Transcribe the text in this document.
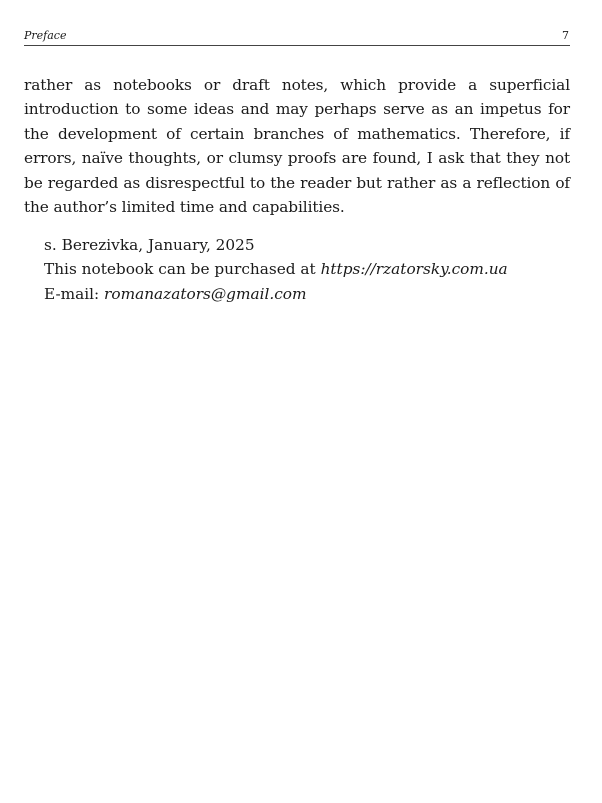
Preface	7

rather as notebooks or draft notes, which provide a superficial introduction to some ideas and may perhaps serve as an impetus for the development of certain branches of mathematics. Therefore, if errors, naïve thoughts, or clumsy proofs are found, I ask that they not be regarded as disrespectful to the reader but rather as a reflection of the author’s limited time and capabilities.

s. Berezivka, January, 2025
This notebook can be purchased at https://rzatorsky.com.ua
E-mail: romanazators@gmail.com
